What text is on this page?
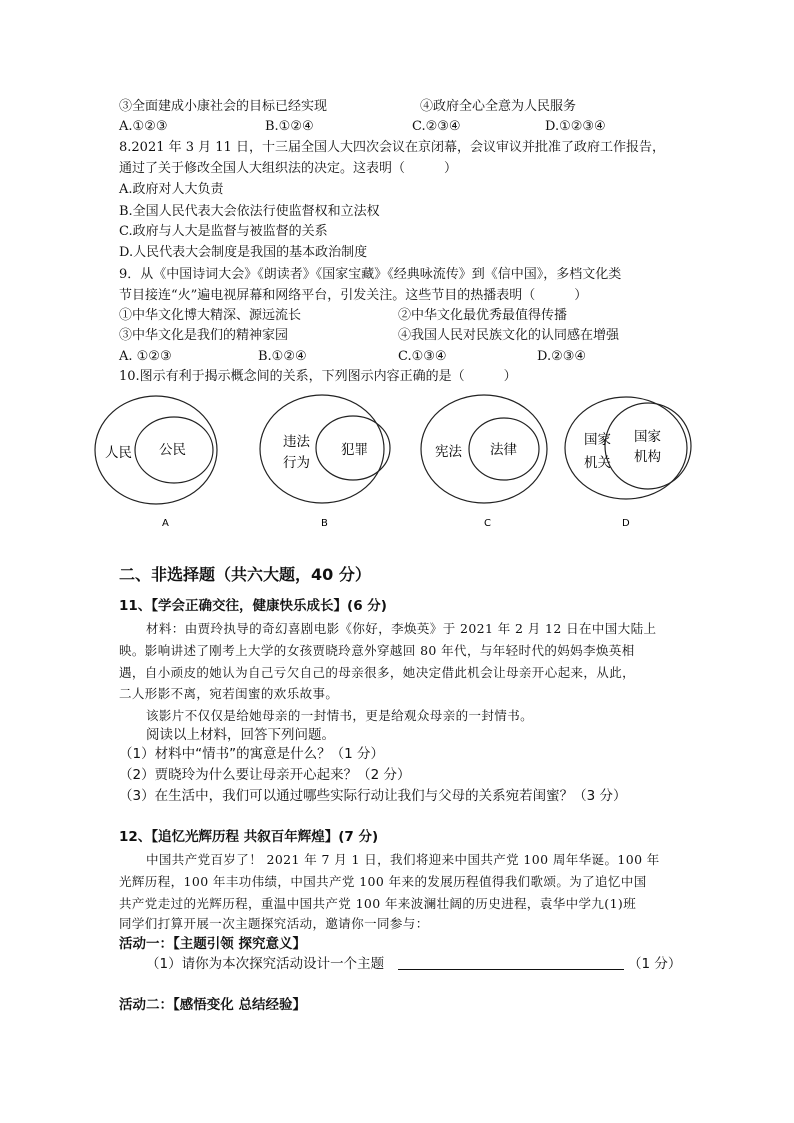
③全面建成小康社会的目标已经实现	④政府全心全意为人民服务
A.①②③	B.①②④	C.②③④	D.①②③④
8.2021 年 3 月 11 日，十三届全国人大四次会议在京闭幕，会议审议并批准了政府工作报告，
通过了关于修改全国人大组织法的决定。这表明（　　　）
A.政府对人大负责
B.全国人民代表大会依法行使监督权和立法权
C.政府与人大是监督与被监督的关系
D.人民代表大会制度是我国的基本政治制度
9．从《中国诗词大会》《朗读者》《国家宝藏》《经典咏流传》到《信中国》，多档文化类
节目接连“火”遍电视屏幕和网络平台，引发关注。这些节目的热播表明（　　　）
①中华文化博大精深、源远流长	②中华文化最优秀最值得传播
③中华文化是我们的精神家园	④我国人民对民族文化的认同感在增强
A. ①②③	B.①②④	C.①③④	D.②③④
10.图示有利于揭示概念间的关系，下列图示内容正确的是（　　　）
人民 公民
A
违法
行为
犯罪
B
宪法 法律
C
国家
机关
国家
机构
D
二、非选择题（共六大题，40 分）
11、【学会正确交往，健康快乐成长】(6 分)
材料：由贾玲执导的奇幻喜剧电影《你好，李焕英》于 2021 年 2 月 12 日在中国大陆上
映。影响讲述了刚考上大学的女孩贾晓玲意外穿越回 80 年代，与年轻时代的妈妈李焕英相
遇，自小顽皮的她认为自己亏欠自己的母亲很多，她决定借此机会让母亲开心起来，从此，
二人形影不离，宛若闺蜜的欢乐故事。
该影片不仅仅是给她母亲的一封情书，更是给观众母亲的一封情书。
阅读以上材料，回答下列问题。
（1）材料中“情书”的寓意是什么？（1 分）
（2）贾晓玲为什么要让母亲开心起来？（2 分）
（3）在生活中，我们可以通过哪些实际行动让我们与父母的关系宛若闺蜜？（3 分）
12、【追忆光辉历程 共叙百年辉煌】(7 分)
中国共产党百岁了！ 2021 年 7 月 1 日，我们将迎来中国共产党 100 周年华诞。100 年
光辉历程，100 年丰功伟绩，中国共产党 100 年来的发展历程值得我们歌颂。为了追忆中国
共产党走过的光辉历程，重温中国共产党 100 年来波澜壮阔的历史进程，袁华中学九(1)班
同学们打算开展一次主题探究活动，邀请你一同参与：
活动一：【主题引领 探究意义】
（1）请你为本次探究活动设计一个主题	（1 分）
活动二：【感悟变化 总结经验】
